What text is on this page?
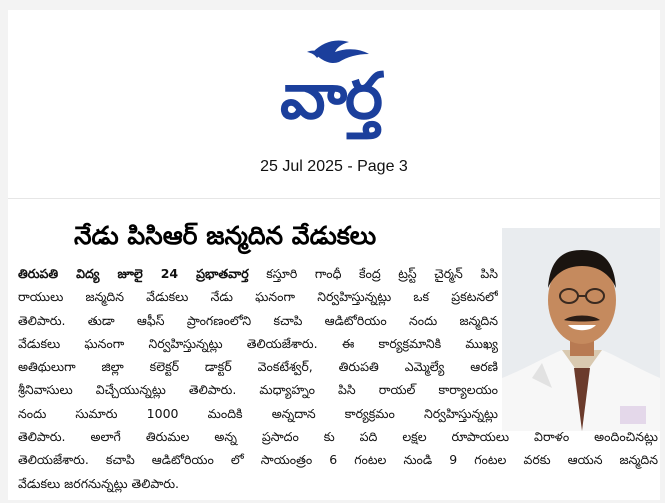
వార్త
25 Jul 2025 - Page 3
నేడు పిసిఆర్ జన్మదిన వేడుకలు
తిరుపతి విద్య జూలై 24 ప్రభాతవార్త కస్తూరి గాంధీ కేంద్ర ట్రస్ట్ చైర్మన్ పిసి
రాయులు జన్మదిన వేడుకలు నేడు ఘనంగా నిర్వహిస్తున్నట్లు ఒక ప్రకటనలో
తెలిపారు. తుడా ఆఫీస్ ప్రాంగణంలోని కచాపి ఆడిటోరియం నందు జన్మదిన
వేడుకలు ఘనంగా నిర్వహిస్తున్నట్లు తెలియజేశారు. ఈ కార్యక్రమానికి ముఖ్య
అతిథులుగా జిల్లా కలెక్టర్ డాక్టర్ వెంకటేశ్వర్, తిరుపతి ఎమ్మెల్యే ఆరణి
శ్రీనివాసులు విచ్చేయున్నట్లు తెలిపారు. మధ్యాహ్నం పిసి రాయల్ కార్యాలయం
నందు సుమారు 1000 మందికి అన్నదాన కార్యక్రమం నిర్వహిస్తున్నట్లు
తెలిపారు. అలాగే తిరుమల అన్న ప్రసాదం కు పది లక్షల రూపాయలు విరాళం అందించినట్లు
తెలియజేశారు. కచాపి ఆడిటోరియం లో సాయంత్రం 6 గంటల నుండి 9 గంటల వరకు ఆయన జన్మదిన
వేడుకలు జరగనున్నట్లు తెలిపారు.
